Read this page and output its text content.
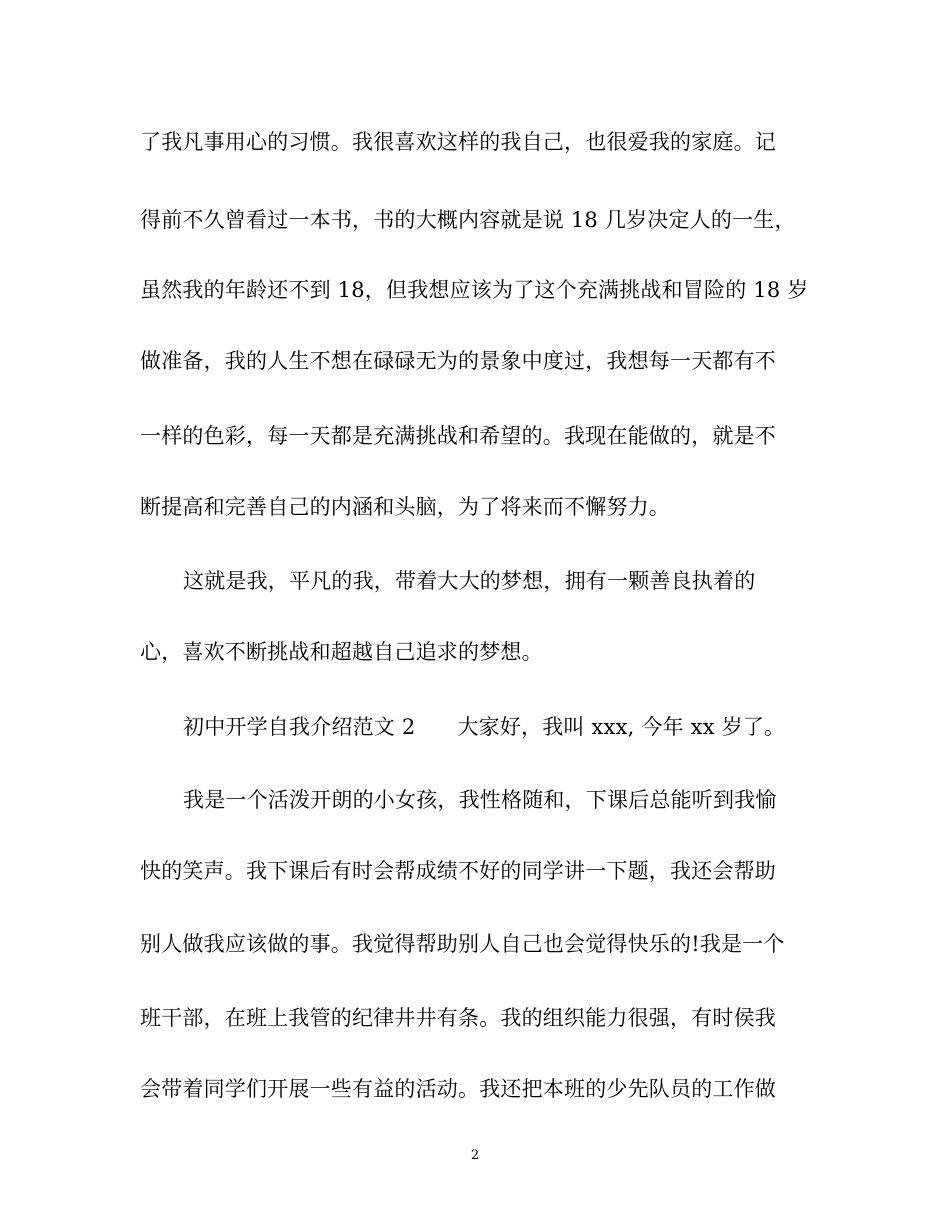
了我凡事用心的习惯。我很喜欢这样的我自己，也很爱我的家庭。记
得前不久曾看过一本书，书的大概内容就是说 18 几岁决定人的一生，
虽然我的年龄还不到 18，但我想应该为了这个充满挑战和冒险的 18 岁
做准备，我的人生不想在碌碌无为的景象中度过，我想每一天都有不
一样的色彩，每一天都是充满挑战和希望的。我现在能做的，就是不
断提高和完善自己的内涵和头脑，为了将来而不懈努力。
这就是我，平凡的我，带着大大的梦想，拥有一颗善良执着的
心，喜欢不断挑战和超越自己追求的梦想。
初中开学自我介绍范文 2 大家好，我叫 xxx, 今年 xx 岁了。
我是一个活泼开朗的小女孩，我性格随和，下课后总能听到我愉
快的笑声。我下课后有时会帮成绩不好的同学讲一下题，我还会帮助
别人做我应该做的事。我觉得帮助别人自己也会觉得快乐的!我是一个
班干部，在班上我管的纪律井井有条。我的组织能力很强，有时侯我
会带着同学们开展一些有益的活动。我还把本班的少先队员的工作做
2
